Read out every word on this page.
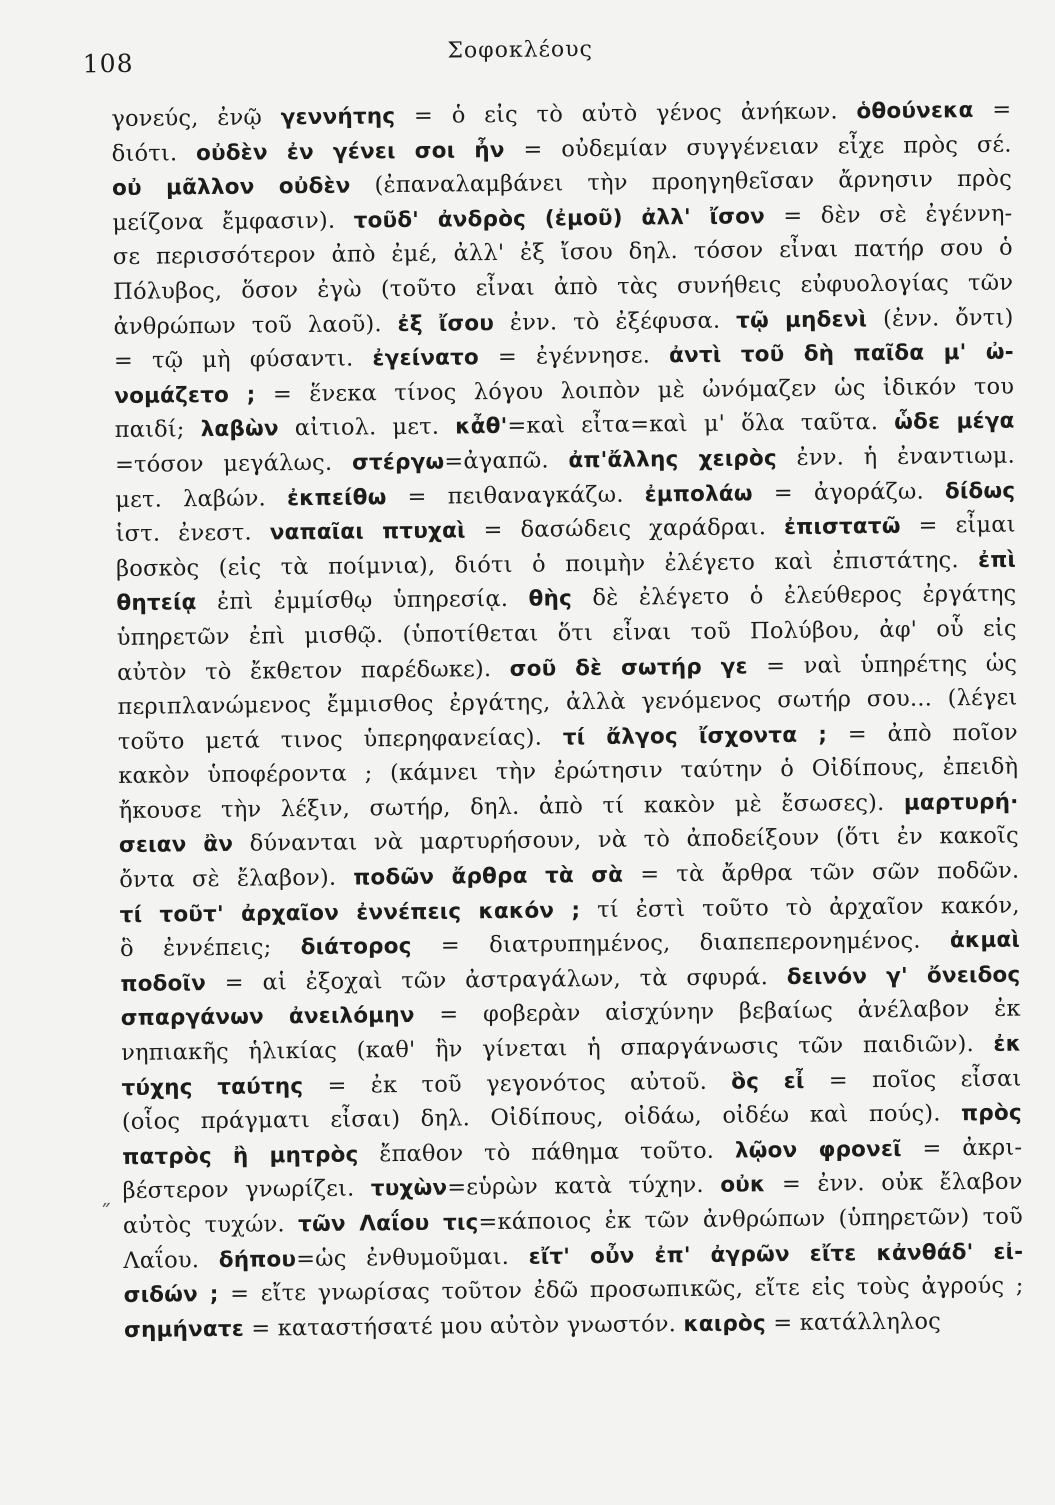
108	Σοφοκλέους
γονεύς, ἐνῷ γεννήτης = ὁ εἰς τὸ αὐτὸ γένος ἀνήκων. ὁθούνεκα =
διότι. οὐδὲν ἐν γένει σοι ἦν = οὐδεμίαν συγγένειαν εἶχε πρὸς σέ.
οὐ μᾶλλον οὐδὲν (ἐπαναλαμβάνει τὴν προηγηθεῖσαν ἄρνησιν πρὸς
μείζονα ἔμφασιν). τοῦδ' ἀνδρὸς (ἐμοῦ) ἀλλ' ἴσον = δὲν σὲ ἐγέννη-
σε περισσότερον ἀπὸ ἐμέ, ἀλλ' ἐξ ἴσου δηλ. τόσον εἶναι πατήρ σου ὁ
Πόλυβος, ὅσον ἐγὼ (τοῦτο εἶναι ἀπὸ τὰς συνήθεις εὐφυολογίας τῶν
ἀνθρώπων τοῦ λαοῦ). ἐξ ἴσου ἐνν. τὸ ἐξέφυσα. τῷ μηδενὶ (ἐνν. ὄντι)
= τῷ μὴ φύσαντι. ἐγείνατο = ἐγέννησε. ἀντὶ τοῦ δὴ παῖδα μ' ὠ-
νομάζετο ; = ἕνεκα τίνος λόγου λοιπὸν μὲ ὠνόμαζεν ὡς ἰδικόν του
παιδί; λαβὼν αἰτιολ. μετ. κἆθ'=καὶ εἶτα=καὶ μ' ὅλα ταῦτα. ὧδε μέγα
=τόσον μεγάλως. στέργω=ἀγαπῶ. ἀπ'ἄλλης χειρὸς ἐνν. ἡ ἐναντιωμ.
μετ. λαβών. ἐκπείθω = πειθαναγκάζω. ἐμπολάω = ἀγοράζω. δίδως
ἱστ. ἐνεστ. ναπαῖαι πτυχαὶ = δασώδεις χαράδραι. ἐπιστατῶ = εἶμαι
βοσκὸς (εἰς τὰ ποίμνια), διότι ὁ ποιμὴν ἐλέγετο καὶ ἐπιστάτης. ἐπὶ
θητείᾳ ἐπὶ ἐμμίσθῳ ὑπηρεσίᾳ. θὴς δὲ ἐλέγετο ὁ ἐλεύθερος ἐργάτης
ὑπηρετῶν ἐπὶ μισθῷ. (ὑποτίθεται ὅτι εἶναι τοῦ Πολύβου, ἀφ' οὗ εἰς
αὐτὸν τὸ ἔκθετον παρέδωκε). σοῦ δὲ σωτήρ γε = ναὶ ὑπηρέτης ὡς
περιπλανώμενος ἔμμισθος ἐργάτης, ἀλλὰ γενόμενος σωτήρ σου... (λέγει
τοῦτο μετά τινος ὑπερηφανείας). τί ἄλγος ἴσχοντα ; = ἀπὸ ποῖον
κακὸν ὑποφέροντα ; (κάμνει τὴν ἐρώτησιν ταύτην ὁ Οἰδίπους, ἐπειδὴ
ἤκουσε τὴν λέξιν, σωτήρ, δηλ. ἀπὸ τί κακὸν μὲ ἔσωσες). μαρτυρή·
σειαν ἂν δύνανται νὰ μαρτυρήσουν, νὰ τὸ ἀποδείξουν (ὅτι ἐν κακοῖς
ὄντα σὲ ἔλαβον). ποδῶν ἄρθρα τὰ σὰ = τὰ ἄρθρα τῶν σῶν ποδῶν.
τί τοῦτ' ἀρχαῖον ἐννέπεις κακόν ; τί ἐστὶ τοῦτο τὸ ἀρχαῖον κακόν,
ὃ ἐννέπεις; διάτορος = διατρυπημένος, διαπεπερονημένος. ἀκμαὶ
ποδοῖν = αἱ ἐξοχαὶ τῶν ἀστραγάλων, τὰ σφυρά. δεινόν γ' ὄνειδος
σπαργάνων ἀνειλόμην = φοβερὰν αἰσχύνην βεβαίως ἀνέλαβον ἐκ
νηπιακῆς ἡλικίας (καθ' ἣν γίνεται ἡ σπαργάνωσις τῶν παιδιῶν). ἐκ
τύχης ταύτης = ἐκ τοῦ γεγονότος αὐτοῦ. ὃς εἶ = ποῖος εἶσαι
(οἷος πράγματι εἶσαι) δηλ. Οἰδίπους, οἰδάω, οἰδέω καὶ πούς). πρὸς
πατρὸς ἢ μητρὸς ἔπαθον τὸ πάθημα τοῦτο. λῷον φρονεῖ = ἀκρι-
βέστερον γνωρίζει. τυχὼν=εὑρὼν κατὰ τύχην. οὐκ = ἐνν. οὐκ ἔλαβον
αὐτὸς τυχών. τῶν Λαΐου τις=κάποιος ἐκ τῶν ἀνθρώπων (ὑπηρετῶν) τοῦ
Λαΐου. δήπου=ὡς ἐνθυμοῦμαι. εἴτ' οὖν ἐπ' ἀγρῶν εἴτε κἀνθάδ' εἰ-
σιδών ; = εἴτε γνωρίσας τοῦτον ἐδῶ προσωπικῶς, εἴτε εἰς τοὺς ἀγρούς ;
σημήνατε = καταστήσατέ μου αὐτὸν γνωστόν. καιρὸς = κατάλληλος
˝
